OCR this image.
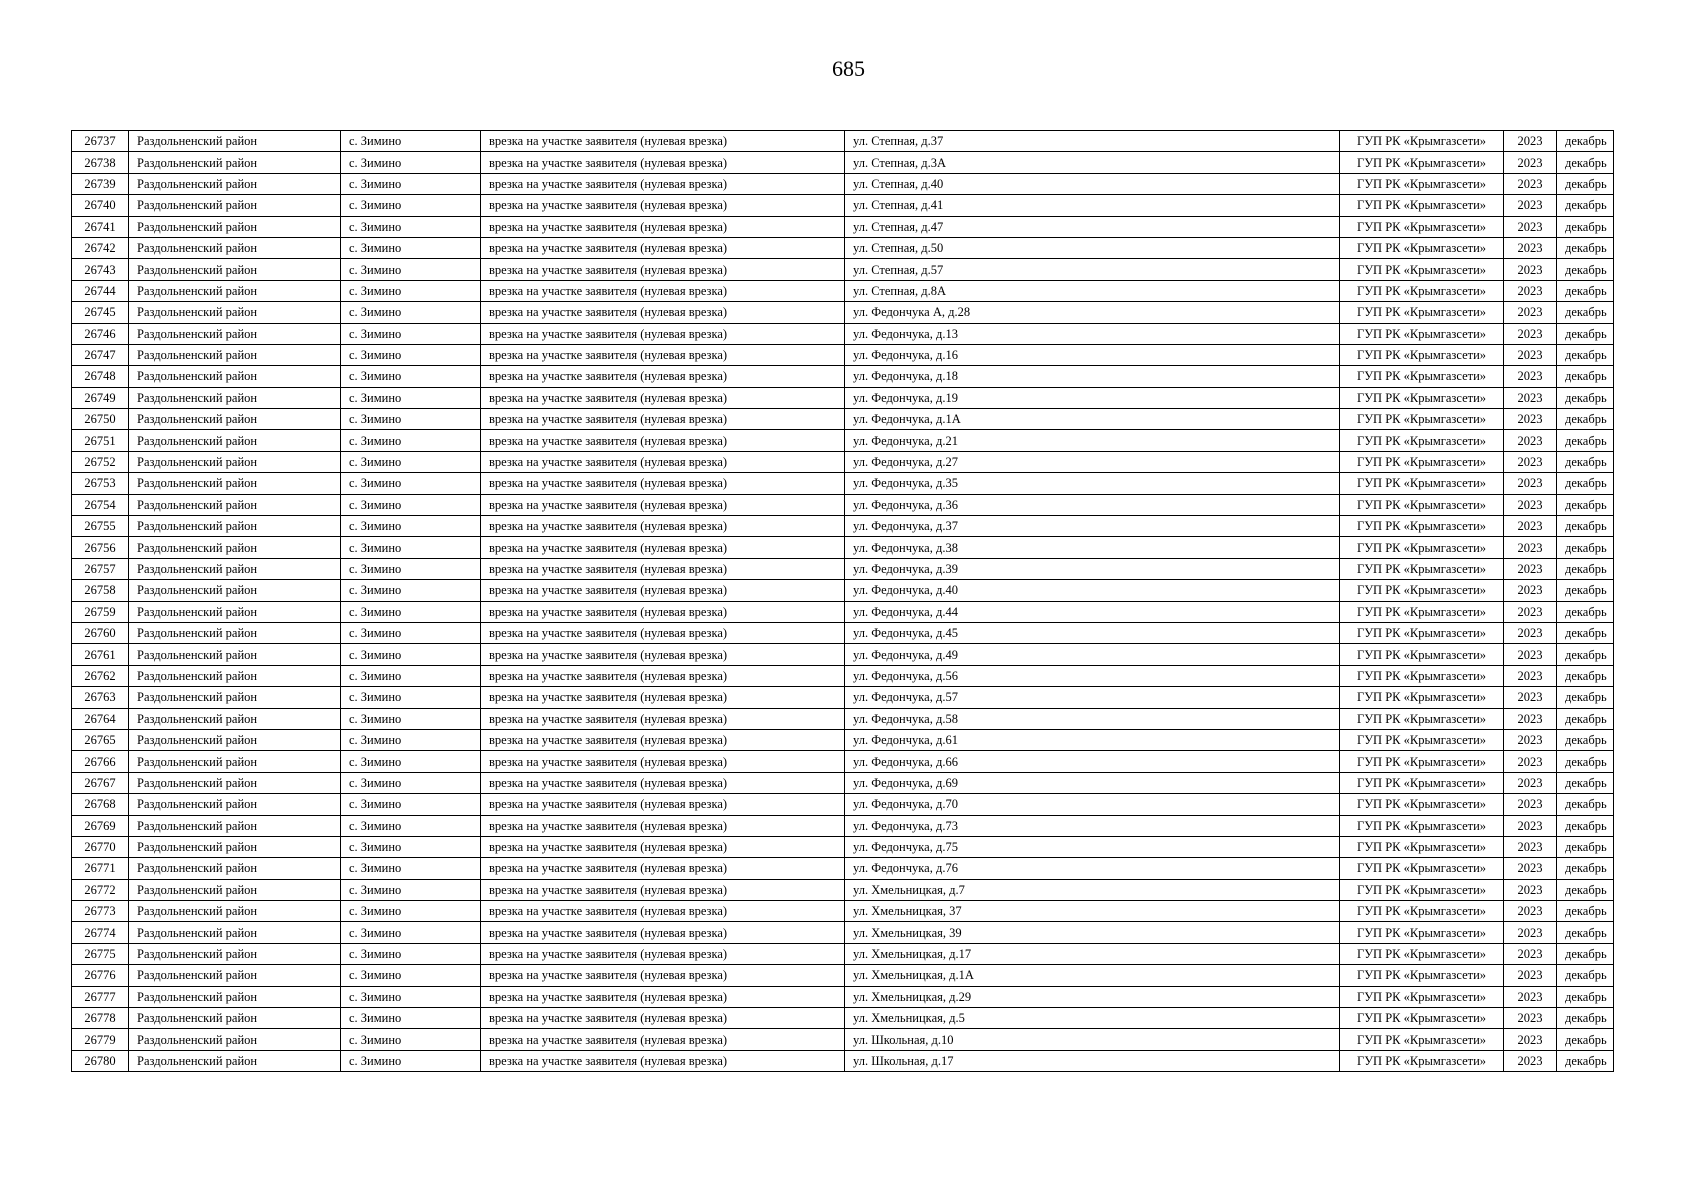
685
26737	Раздольненский район	с. Зимино	врезка на участке заявителя (нулевая врезка)	ул. Степная, д.37	ГУП РК «Крымгазсети»	2023	декабрь
26738	Раздольненский район	с. Зимино	врезка на участке заявителя (нулевая врезка)	ул. Степная, д.3А	ГУП РК «Крымгазсети»	2023	декабрь
26739	Раздольненский район	с. Зимино	врезка на участке заявителя (нулевая врезка)	ул. Степная, д.40	ГУП РК «Крымгазсети»	2023	декабрь
26740	Раздольненский район	с. Зимино	врезка на участке заявителя (нулевая врезка)	ул. Степная, д.41	ГУП РК «Крымгазсети»	2023	декабрь
26741	Раздольненский район	с. Зимино	врезка на участке заявителя (нулевая врезка)	ул. Степная, д.47	ГУП РК «Крымгазсети»	2023	декабрь
26742	Раздольненский район	с. Зимино	врезка на участке заявителя (нулевая врезка)	ул. Степная, д.50	ГУП РК «Крымгазсети»	2023	декабрь
26743	Раздольненский район	с. Зимино	врезка на участке заявителя (нулевая врезка)	ул. Степная, д.57	ГУП РК «Крымгазсети»	2023	декабрь
26744	Раздольненский район	с. Зимино	врезка на участке заявителя (нулевая врезка)	ул. Степная, д.8А	ГУП РК «Крымгазсети»	2023	декабрь
26745	Раздольненский район	с. Зимино	врезка на участке заявителя (нулевая врезка)	ул. Федончука А, д.28	ГУП РК «Крымгазсети»	2023	декабрь
26746	Раздольненский район	с. Зимино	врезка на участке заявителя (нулевая врезка)	ул. Федончука, д.13	ГУП РК «Крымгазсети»	2023	декабрь
26747	Раздольненский район	с. Зимино	врезка на участке заявителя (нулевая врезка)	ул. Федончука, д.16	ГУП РК «Крымгазсети»	2023	декабрь
26748	Раздольненский район	с. Зимино	врезка на участке заявителя (нулевая врезка)	ул. Федончука, д.18	ГУП РК «Крымгазсети»	2023	декабрь
26749	Раздольненский район	с. Зимино	врезка на участке заявителя (нулевая врезка)	ул. Федончука, д.19	ГУП РК «Крымгазсети»	2023	декабрь
26750	Раздольненский район	с. Зимино	врезка на участке заявителя (нулевая врезка)	ул. Федончука, д.1А	ГУП РК «Крымгазсети»	2023	декабрь
26751	Раздольненский район	с. Зимино	врезка на участке заявителя (нулевая врезка)	ул. Федончука, д.21	ГУП РК «Крымгазсети»	2023	декабрь
26752	Раздольненский район	с. Зимино	врезка на участке заявителя (нулевая врезка)	ул. Федончука, д.27	ГУП РК «Крымгазсети»	2023	декабрь
26753	Раздольненский район	с. Зимино	врезка на участке заявителя (нулевая врезка)	ул. Федончука, д.35	ГУП РК «Крымгазсети»	2023	декабрь
26754	Раздольненский район	с. Зимино	врезка на участке заявителя (нулевая врезка)	ул. Федончука, д.36	ГУП РК «Крымгазсети»	2023	декабрь
26755	Раздольненский район	с. Зимино	врезка на участке заявителя (нулевая врезка)	ул. Федончука, д.37	ГУП РК «Крымгазсети»	2023	декабрь
26756	Раздольненский район	с. Зимино	врезка на участке заявителя (нулевая врезка)	ул. Федончука, д.38	ГУП РК «Крымгазсети»	2023	декабрь
26757	Раздольненский район	с. Зимино	врезка на участке заявителя (нулевая врезка)	ул. Федончука, д.39	ГУП РК «Крымгазсети»	2023	декабрь
26758	Раздольненский район	с. Зимино	врезка на участке заявителя (нулевая врезка)	ул. Федончука, д.40	ГУП РК «Крымгазсети»	2023	декабрь
26759	Раздольненский район	с. Зимино	врезка на участке заявителя (нулевая врезка)	ул. Федончука, д.44	ГУП РК «Крымгазсети»	2023	декабрь
26760	Раздольненский район	с. Зимино	врезка на участке заявителя (нулевая врезка)	ул. Федончука, д.45	ГУП РК «Крымгазсети»	2023	декабрь
26761	Раздольненский район	с. Зимино	врезка на участке заявителя (нулевая врезка)	ул. Федончука, д.49	ГУП РК «Крымгазсети»	2023	декабрь
26762	Раздольненский район	с. Зимино	врезка на участке заявителя (нулевая врезка)	ул. Федончука, д.56	ГУП РК «Крымгазсети»	2023	декабрь
26763	Раздольненский район	с. Зимино	врезка на участке заявителя (нулевая врезка)	ул. Федончука, д.57	ГУП РК «Крымгазсети»	2023	декабрь
26764	Раздольненский район	с. Зимино	врезка на участке заявителя (нулевая врезка)	ул. Федончука, д.58	ГУП РК «Крымгазсети»	2023	декабрь
26765	Раздольненский район	с. Зимино	врезка на участке заявителя (нулевая врезка)	ул. Федончука, д.61	ГУП РК «Крымгазсети»	2023	декабрь
26766	Раздольненский район	с. Зимино	врезка на участке заявителя (нулевая врезка)	ул. Федончука, д.66	ГУП РК «Крымгазсети»	2023	декабрь
26767	Раздольненский район	с. Зимино	врезка на участке заявителя (нулевая врезка)	ул. Федончука, д.69	ГУП РК «Крымгазсети»	2023	декабрь
26768	Раздольненский район	с. Зимино	врезка на участке заявителя (нулевая врезка)	ул. Федончука, д.70	ГУП РК «Крымгазсети»	2023	декабрь
26769	Раздольненский район	с. Зимино	врезка на участке заявителя (нулевая врезка)	ул. Федончука, д.73	ГУП РК «Крымгазсети»	2023	декабрь
26770	Раздольненский район	с. Зимино	врезка на участке заявителя (нулевая врезка)	ул. Федончука, д.75	ГУП РК «Крымгазсети»	2023	декабрь
26771	Раздольненский район	с. Зимино	врезка на участке заявителя (нулевая врезка)	ул. Федончука, д.76	ГУП РК «Крымгазсети»	2023	декабрь
26772	Раздольненский район	с. Зимино	врезка на участке заявителя (нулевая врезка)	ул. Хмельницкая, д.7	ГУП РК «Крымгазсети»	2023	декабрь
26773	Раздольненский район	с. Зимино	врезка на участке заявителя (нулевая врезка)	ул. Хмельницкая, 37	ГУП РК «Крымгазсети»	2023	декабрь
26774	Раздольненский район	с. Зимино	врезка на участке заявителя (нулевая врезка)	ул. Хмельницкая, 39	ГУП РК «Крымгазсети»	2023	декабрь
26775	Раздольненский район	с. Зимино	врезка на участке заявителя (нулевая врезка)	ул. Хмельницкая, д.17	ГУП РК «Крымгазсети»	2023	декабрь
26776	Раздольненский район	с. Зимино	врезка на участке заявителя (нулевая врезка)	ул. Хмельницкая, д.1А	ГУП РК «Крымгазсети»	2023	декабрь
26777	Раздольненский район	с. Зимино	врезка на участке заявителя (нулевая врезка)	ул. Хмельницкая, д.29	ГУП РК «Крымгазсети»	2023	декабрь
26778	Раздольненский район	с. Зимино	врезка на участке заявителя (нулевая врезка)	ул. Хмельницкая, д.5	ГУП РК «Крымгазсети»	2023	декабрь
26779	Раздольненский район	с. Зимино	врезка на участке заявителя (нулевая врезка)	ул. Школьная, д.10	ГУП РК «Крымгазсети»	2023	декабрь
26780	Раздольненский район	с. Зимино	врезка на участке заявителя (нулевая врезка)	ул. Школьная, д.17	ГУП РК «Крымгазсети»	2023	декабрь
